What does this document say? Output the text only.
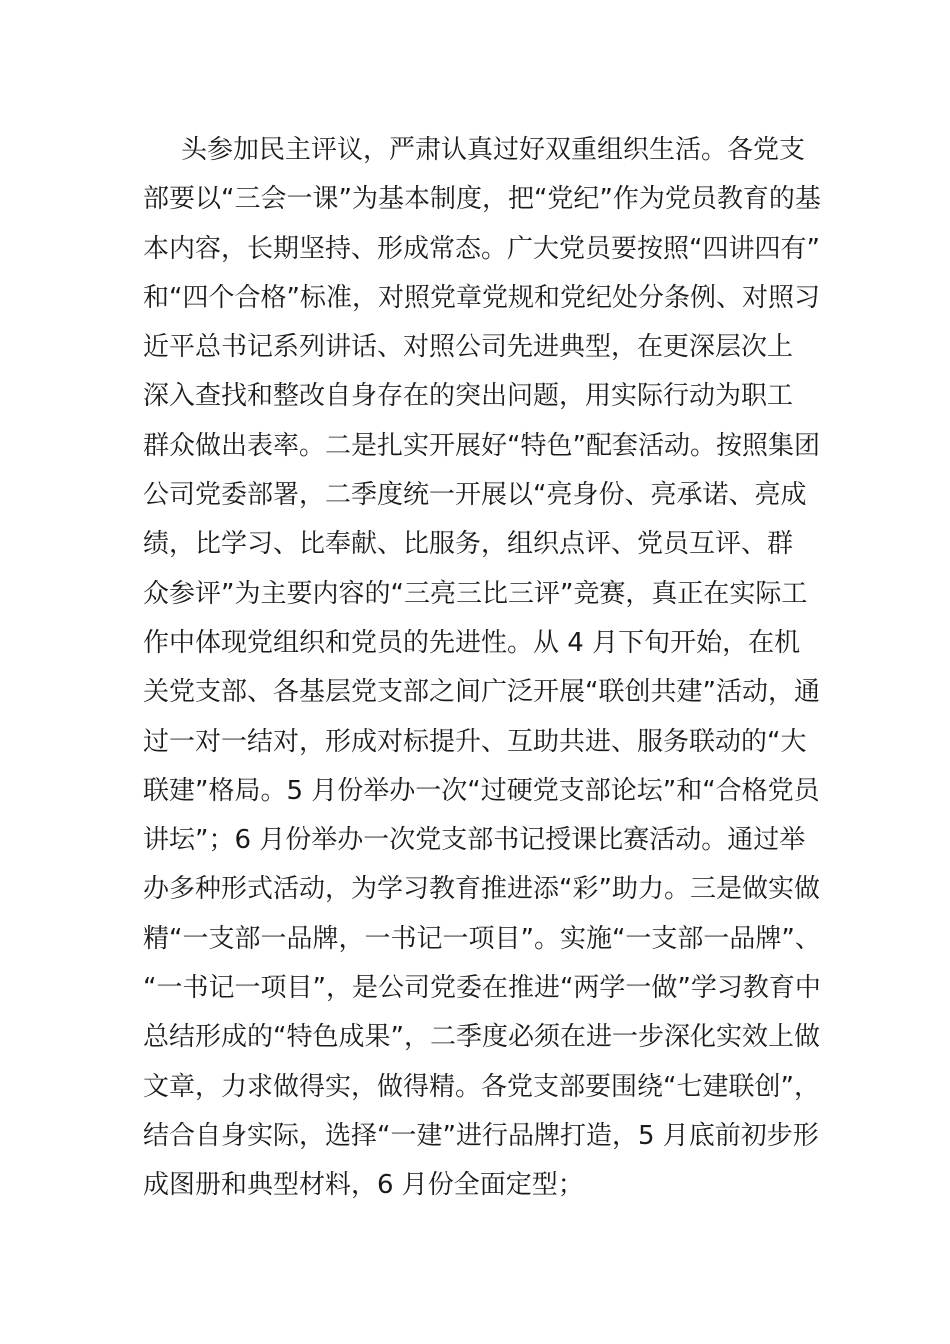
头参加民主评议，严肃认真过好双重组织生活。各党支
部要以“三会一课”为基本制度，把“党纪”作为党员教育的基
本内容，长期坚持、形成常态。广大党员要按照“四讲四有”
和“四个合格”标准，对照党章党规和党纪处分条例、对照习
近平总书记系列讲话、对照公司先进典型，在更深层次上
深入查找和整改自身存在的突出问题，用实际行动为职工
群众做出表率。二是扎实开展好“特色”配套活动。按照集团
公司党委部署，二季度统一开展以“亮身份、亮承诺、亮成
绩，比学习、比奉献、比服务，组织点评、党员互评、群
众参评”为主要内容的“三亮三比三评”竞赛，真正在实际工
作中体现党组织和党员的先进性。从 4 月下旬开始，在机
关党支部、各基层党支部之间广泛开展“联创共建”活动，通
过一对一结对，形成对标提升、互助共进、服务联动的“大
联建”格局。5 月份举办一次“过硬党支部论坛”和“合格党员
讲坛”；6 月份举办一次党支部书记授课比赛活动。通过举
办多种形式活动，为学习教育推进添“彩”助力。三是做实做
精“一支部一品牌，一书记一项目”。实施“一支部一品牌”、
“一书记一项目”，是公司党委在推进“两学一做”学习教育中
总结形成的“特色成果”，二季度必须在进一步深化实效上做
文章，力求做得实，做得精。各党支部要围绕“七建联创”，
结合自身实际，选择“一建”进行品牌打造，5 月底前初步形
成图册和典型材料，6 月份全面定型；
